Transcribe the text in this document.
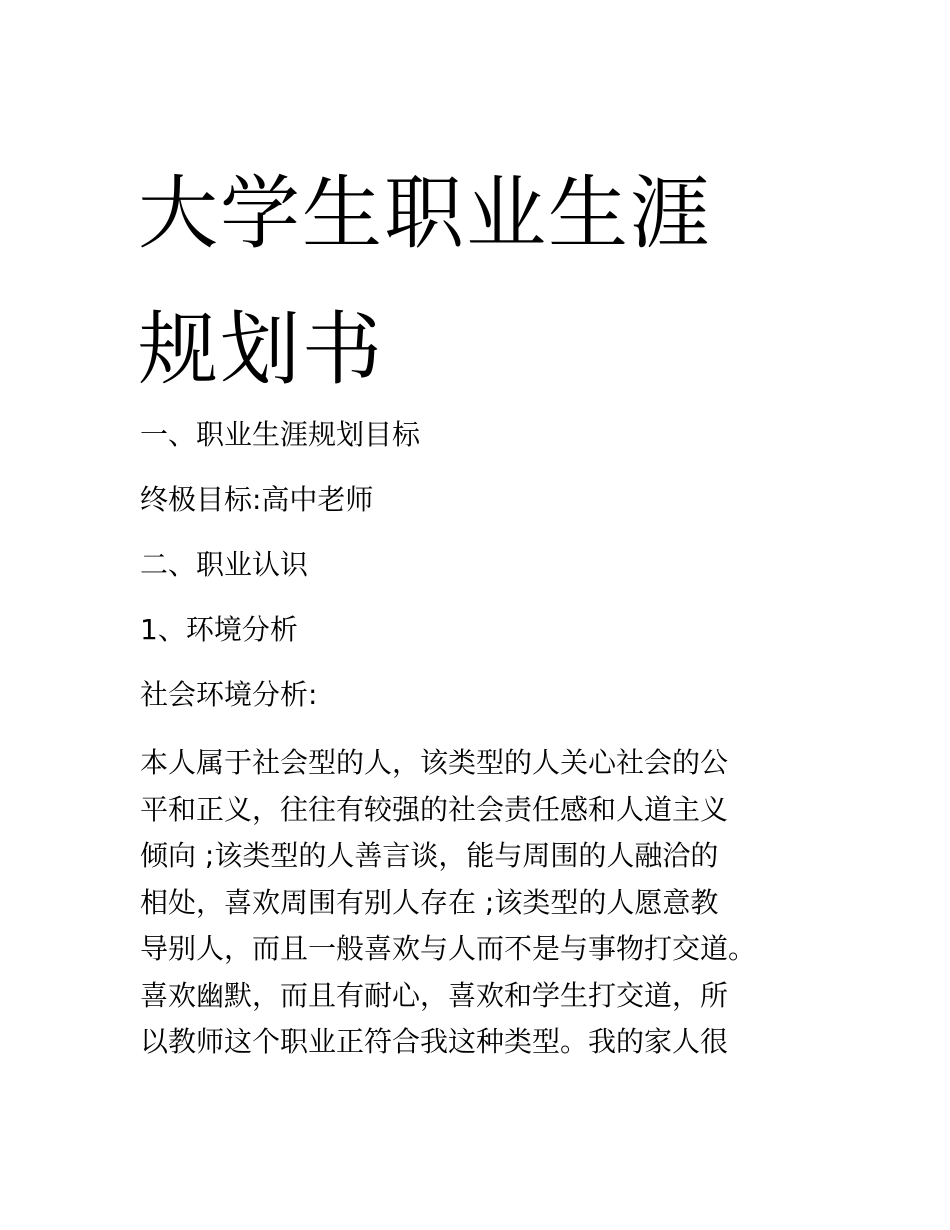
大学生职业生涯
规划书

一、职业生涯规划目标

终极目标:高中老师

二、职业认识

1、环境分析

社会环境分析:

本人属于社会型的人，该类型的人关心社会的公
平和正义，往往有较强的社会责任感和人道主义
倾向 ;该类型的人善言谈，能与周围的人融洽的
相处，喜欢周围有别人存在 ;该类型的人愿意教
导别人，而且一般喜欢与人而不是与事物打交道。
喜欢幽默，而且有耐心，喜欢和学生打交道，所
以教师这个职业正符合我这种类型。我的家人很
